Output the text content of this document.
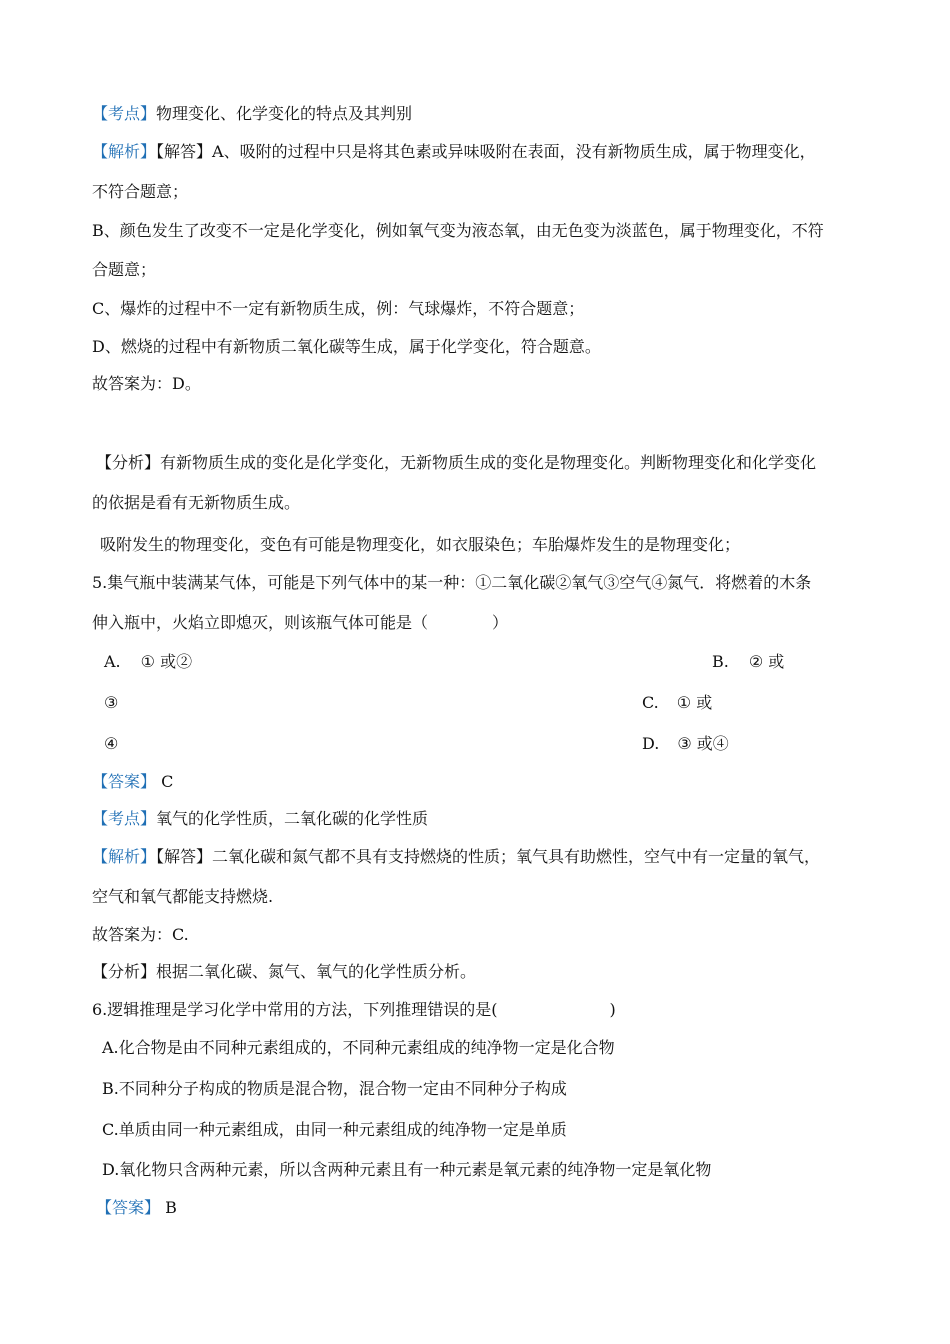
【考点】物理变化、化学变化的特点及其判别
【解析】【解答】A、吸附的过程中只是将其色素或异味吸附在表面，没有新物质生成，属于物理变化，
不符合题意；
B、颜色发生了改变不一定是化学变化，例如氧气变为液态氧，由无色变为淡蓝色，属于物理变化，不符
合题意；
C、爆炸的过程中不一定有新物质生成，例：气球爆炸，不符合题意；
D、燃烧的过程中有新物质二氧化碳等生成，属于化学变化，符合题意。
故答案为：D。
【分析】有新物质生成的变化是化学变化，无新物质生成的变化是物理变化。判断物理变化和化学变化
的依据是看有无新物质生成。
吸附发生的物理变化，变色有可能是物理变化，如衣服染色；车胎爆炸发生的是物理变化；
5.集气瓶中装满某气体，可能是下列气体中的某一种：①二氧化碳②氧气③空气④氮气．将燃着的木条
伸入瓶中，火焰立即熄灭，则该瓶气体可能是（　　　　）
A. ① 或②	B. ② 或
③	C. ① 或
④	D. ③ 或④
【答案】 C
【考点】氧气的化学性质，二氧化碳的化学性质
【解析】【解答】二氧化碳和氮气都不具有支持燃烧的性质；氧气具有助燃性，空气中有一定量的氧气，
空气和氧气都能支持燃烧.
故答案为：C.
【分析】根据二氧化碳、氮气、氧气的化学性质分析。
6.逻辑推理是学习化学中常用的方法，下列推理错误的是(　　　　　　　)
A.化合物是由不同种元素组成的，不同种元素组成的纯净物一定是化合物
B.不同种分子构成的物质是混合物，混合物一定由不同种分子构成
C.单质由同一种元素组成，由同一种元素组成的纯净物一定是单质
D.氧化物只含两种元素，所以含两种元素且有一种元素是氧元素的纯净物一定是氧化物
【答案】 B
